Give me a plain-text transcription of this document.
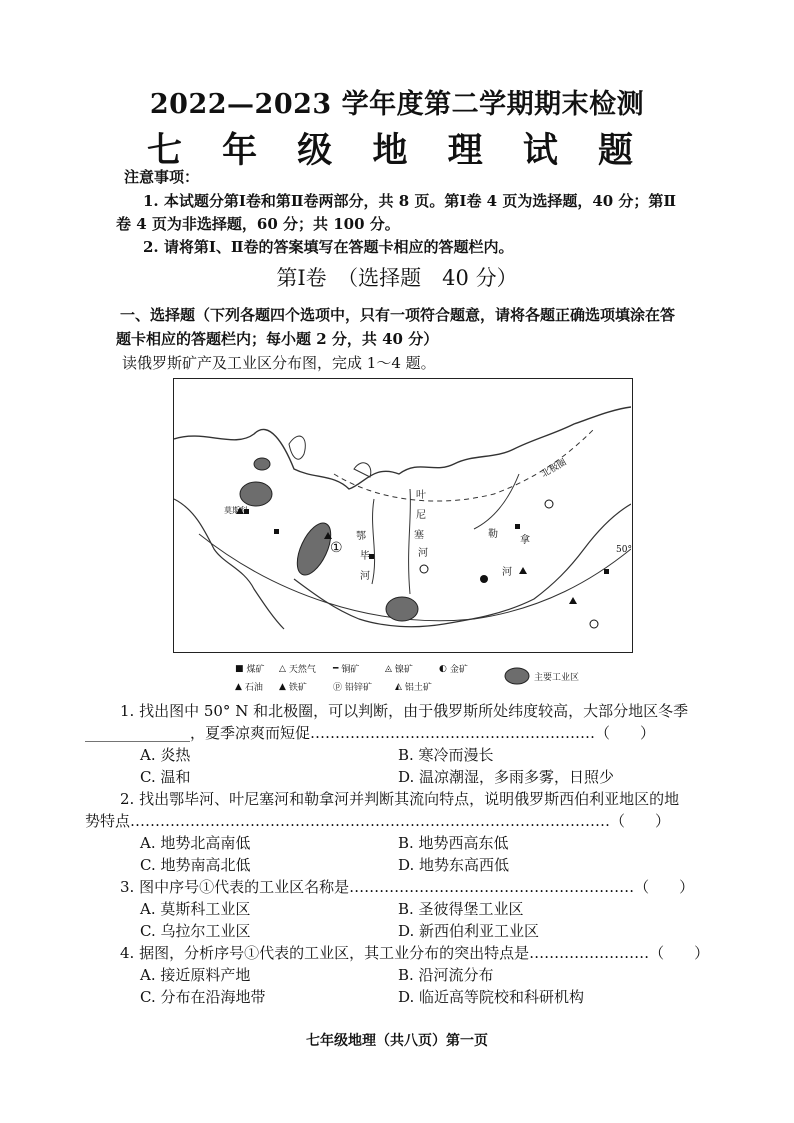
2022—2023 学年度第二学期期末检测
七 年 级 地 理 试 题
注意事项：
1. 本试题分第Ⅰ卷和第Ⅱ卷两部分，共 8 页。第Ⅰ卷 4 页为选择题，40 分；第Ⅱ
卷 4 页为非选择题，60 分；共 100 分。
2. 请将第Ⅰ、Ⅱ卷的答案填写在答题卡相应的答题栏内。
第Ⅰ卷　（选择题　40 分）
一、选择题（下列各题四个选项中，只有一项符合题意，请将各题正确选项填涂在答
题卡相应的答题栏内；每小题 2 分，共 40 分）
读俄罗斯矿产及工业区分布图，完成 1～4 题。
莫斯科
①
鄂
毕
河
叶
尼
塞
河
勒
拿
河
北极圈
50°
■ 煤矿 △ 天然气 ━ 铜矿	◬ 镍矿	◐ 金矿
▲ 石油 ▲ 铁矿	ⓟ 铅锌矿	◭ 铝土矿
主要工业区
1. 找出图中 50° N 和北极圈，可以判断，由于俄罗斯所处纬度较高，大部分地区冬季
______________，夏季凉爽而短促…………………………………………………（　　）
A. 炎热	B. 寒冷而漫长
C. 温和	D. 温凉潮湿，多雨多雾，日照少
2. 找出鄂毕河、叶尼塞河和勒拿河并判断其流向特点，说明俄罗斯西伯利亚地区的地
势特点……………………………………………………………………………………（　　）
A. 地势北高南低	B. 地势西高东低
C. 地势南高北低	D. 地势东高西低
3. 图中序号①代表的工业区名称是…………………………………………………（　　）
A. 莫斯科工业区	B. 圣彼得堡工业区
C. 乌拉尔工业区	D. 新西伯利亚工业区
4. 据图，分析序号①代表的工业区，其工业分布的突出特点是……………………（　　）
A. 接近原料产地	B. 沿河流分布
C. 分布在沿海地带	D. 临近高等院校和科研机构
七年级地理（共八页）第一页
